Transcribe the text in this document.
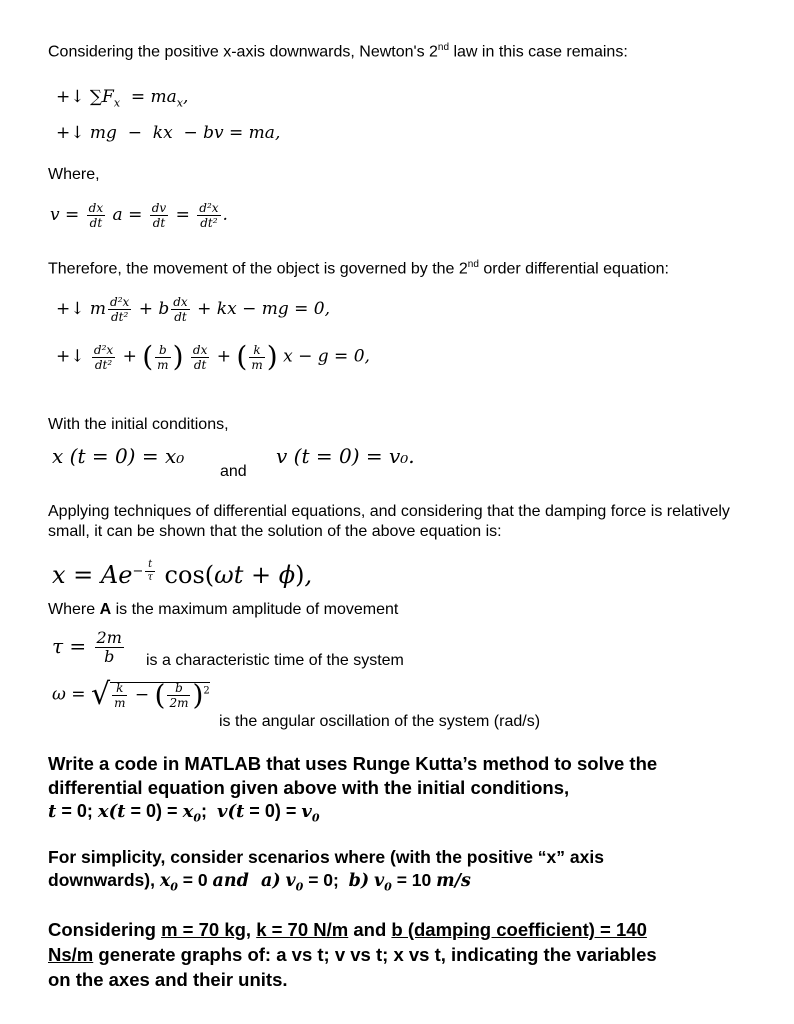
Considering the positive x-axis downwards, Newton's 2nd law in this case remains:
+↓ $\sum F_x = ma_x$,
+↓ mg  −  kx  − bv = ma,
Where,
$v = \frac{dx}{dt}$ $a = \frac{dv}{dt} = \frac{\text{d²x}}{\text{dt²}}$ .
Therefore, the movement of the object is governed by the 2nd order differential equation:
+↓ m $\frac{\text{d²x}}{\text{dt²}} + b \frac{dx}{dt}$ + kx − mg = 0,
+↓ $\frac{\text{d²x}}{\text{dt²}}$ + ( $\frac{b}{m}$ ) $\frac{dx}{dt}$ + ( $\frac{k}{m}$ ) x − g = 0,
With the initial conditions,
x (t = 0) = x₀
and
v (t = 0) = v₀.
Applying techniques of differential equations, and considering that the damping force is relatively small, it can be shown that the solution of the above equation is:
$x = Ae^{- \frac{t}{\tau}}$ cos(ωt + ϕ),
Where A is the maximum amplitude of movement
$\tau = \frac{2m}{b}$ is a characteristic time of the system
ω = √ $\frac{k}{m}$ − ( $\frac{b}{2m} )^2$
is the angular oscillation of the system (rad/s)
Write a code in MATLAB that uses Runge Kutta’s method to solve the
differential equation given above with the initial conditions,
t = 0; $x(t = 0) = x_0$; $v(t = 0) = v_0$
For simplicity, consider scenarios where (with the positive “x” axis
downwards), $x_0 = 0$ and  a) $v_0 = 0$;  b) $v_0 = 10$ m/s
Considering m = 70 kg, k = 70 N/m and b (damping coefficient) = 140
Ns/m generate graphs of: a vs t; v vs t; x vs t, indicating the variables
on the axes and their units.
